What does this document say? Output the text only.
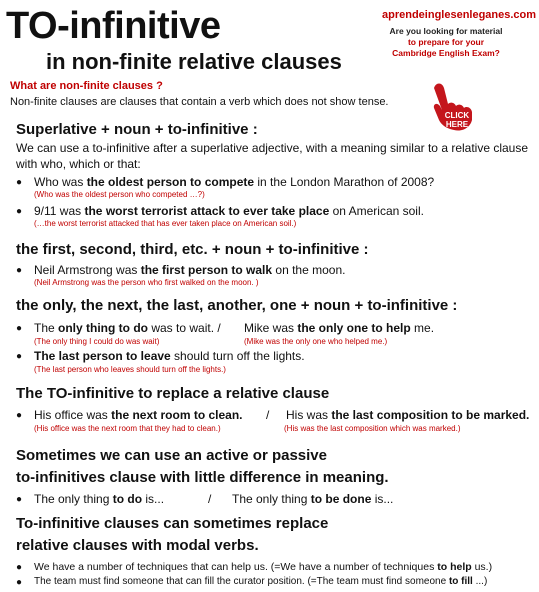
TO-infinitive
in non-finite relative clauses
aprendeinglesenleganes.com
Are you looking for material
to prepare for your
Cambridge English Exam?
CLICK
HERE
What are non-finite clauses ?
Non-finite clauses are clauses that contain a verb which does not show tense.
Superlative + noun + to-infinitive :
We can use a to-infinitive after a superlative adjective, with a meaning similar to a relative clause
with who, which or that:
● Who was the oldest person to compete in the London Marathon of 2008?
(Who was the oldest person who competed …?)
● 9/11 was the worst terrorist attack to ever take place on American soil.
(…the worst terrorist attacked that has ever taken place on American soil.)
the first, second, third, etc. + noun + to-infinitive :
● Neil Armstrong was the first person to walk on the moon.
(Neil Armstrong was the person who first walked on the moon. )
the only, the next, the last, another, one + noun + to-infinitive :
● The only thing to do was to wait. / Mike was the only one to help me.
(The only thing I could do was wait)	(Mike was the only one who helped me.)
● The last person to leave should turn off the lights.
(The last person who leaves should turn off the lights.)
The TO-infinitive to replace a relative clause
● His office was the next room to clean. / His was the last composition to be marked.
(His office was the next room that they had to clean.)	(His was the last composition which was marked.)
Sometimes we can use an active or passive
to-infinitives clause with little difference in meaning.
● The only thing to do is...	/ The only thing to be done is...
To-infinitive clauses can sometimes replace
relative clauses with modal verbs.
● We have a number of techniques that can help us. (=We have a number of techniques to help us.)
● The team must find someone that can fill the curator position. (=The team must find someone to fill ...)
